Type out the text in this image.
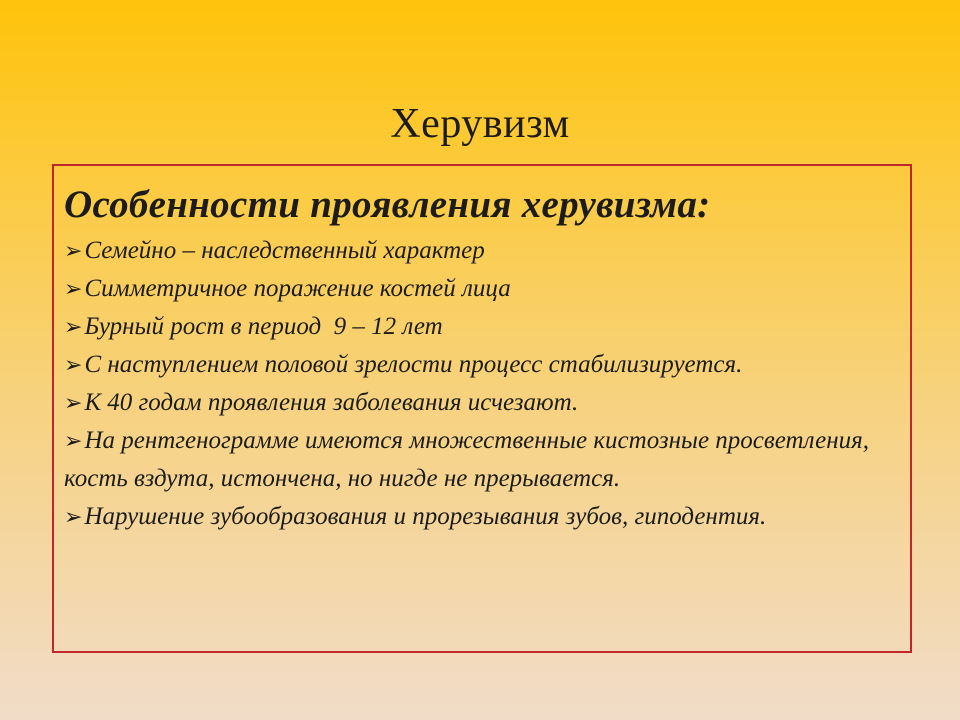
Херувизм
Особенности проявления херувизма:
➢Семейно – наследственный характер
➢Симметричное поражение костей лица
➢Бурный рост в период  9 – 12 лет
➢С наступлением половой зрелости процесс стабилизируется.
➢К 40 годам проявления заболевания исчезают.
➢На рентгенограмме имеются множественные кистозные просветления, кость вздута, истончена, но нигде не прерывается.
➢Нарушение зубообразования и прорезывания зубов, гиподентия.
